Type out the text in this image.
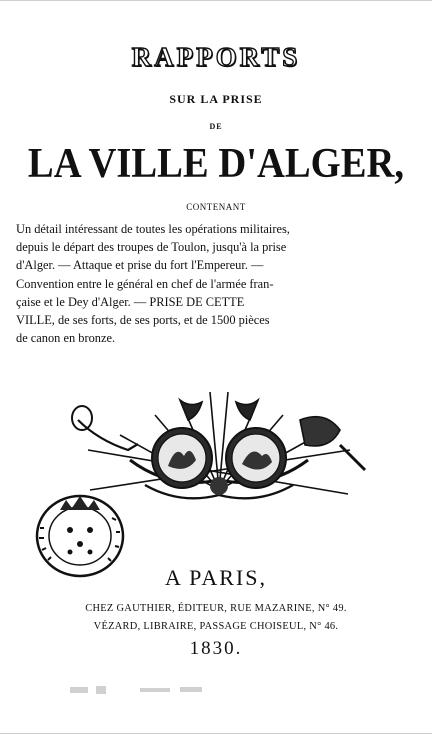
RAPPORTS
SUR LA PRISE
DE
LA VILLE D'ALGER,
CONTENANT
Un détail intéressant de toutes les opérations militaires,
depuis le départ des troupes de Toulon, jusqu'à la prise
d'Alger. — Attaque et prise du fort l'Empereur. —
Convention entre le général en chef de l'armée fran-
çaise et le Dey d'Alger. — PRISE DE CETTE
VILLE, de ses forts, de ses ports, et de 1500 pièces
de canon en bronze.
A PARIS,
CHEZ GAUTHIER, ÉDITEUR, RUE MAZARINE, N° 49.
VÉZARD, LIBRAIRE, PASSAGE CHOISEUL, N° 46.
1830.
